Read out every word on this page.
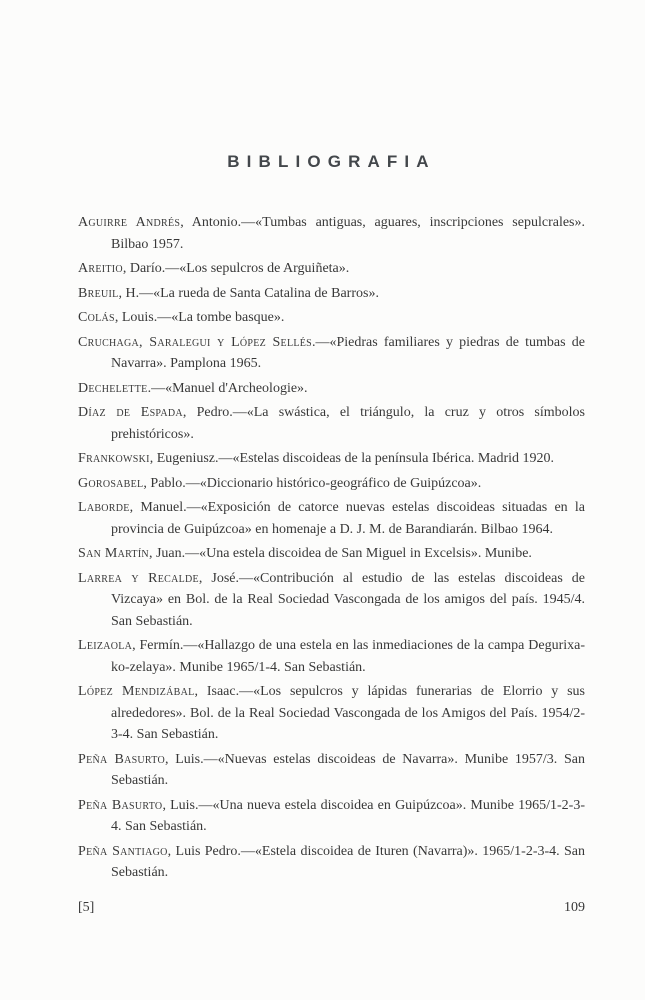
BIBLIOGRAFIA

Aguirre Andrés, Antonio.—«Tumbas antiguas, aguares, inscripciones sepulcrales». Bilbao 1957.

Areitio, Darío.—«Los sepulcros de Arguiñeta».

Breuil, H.—«La rueda de Santa Catalina de Barros».

Colás, Louis.—«La tombe basque».

Cruchaga, Saralegui y López Sellés.—«Piedras familiares y piedras de tumbas de Navarra». Pamplona 1965.

Dechelette.—«Manuel d'Archeologie».

Díaz de Espada, Pedro.—«La swástica, el triángulo, la cruz y otros símbolos prehistóricos».

Frankowski, Eugeniusz.—«Estelas discoideas de la península Ibérica. Madrid 1920.

Gorosabel, Pablo.—«Diccionario histórico-geográfico de Guipúzcoa».

Laborde, Manuel.—«Exposición de catorce nuevas estelas discoideas situadas en la provincia de Guipúzcoa» en homenaje a D. J. M. de Barandiarán. Bilbao 1964.

San Martín, Juan.—«Una estela discoidea de San Miguel in Excelsis». Munibe.

Larrea y Recalde, José.—«Contribución al estudio de las estelas discoideas de Vizcaya» en Bol. de la Real Sociedad Vascongada de los amigos del país. 1945/4. San Sebastián.

Leizaola, Fermín.—«Hallazgo de una estela en las inmediaciones de la campa Degurixa-ko-zelaya». Munibe 1965/1-4. San Sebastián.

López Mendizábal, Isaac.—«Los sepulcros y lápidas funerarias de Elorrio y sus alrededores». Bol. de la Real Sociedad Vascongada de los Amigos del País. 1954/2-3-4. San Sebastián.

Peña Basurto, Luis.—«Nuevas estelas discoideas de Navarra». Munibe 1957/3. San Sebastián.

Peña Basurto, Luis.—«Una nueva estela discoidea en Guipúzcoa». Munibe 1965/1-2-3-4. San Sebastián.

Peña Santiago, Luis Pedro.—«Estela discoidea de Ituren (Navarra)». 1965/1-2-3-4. San Sebastián.

[5]	109
